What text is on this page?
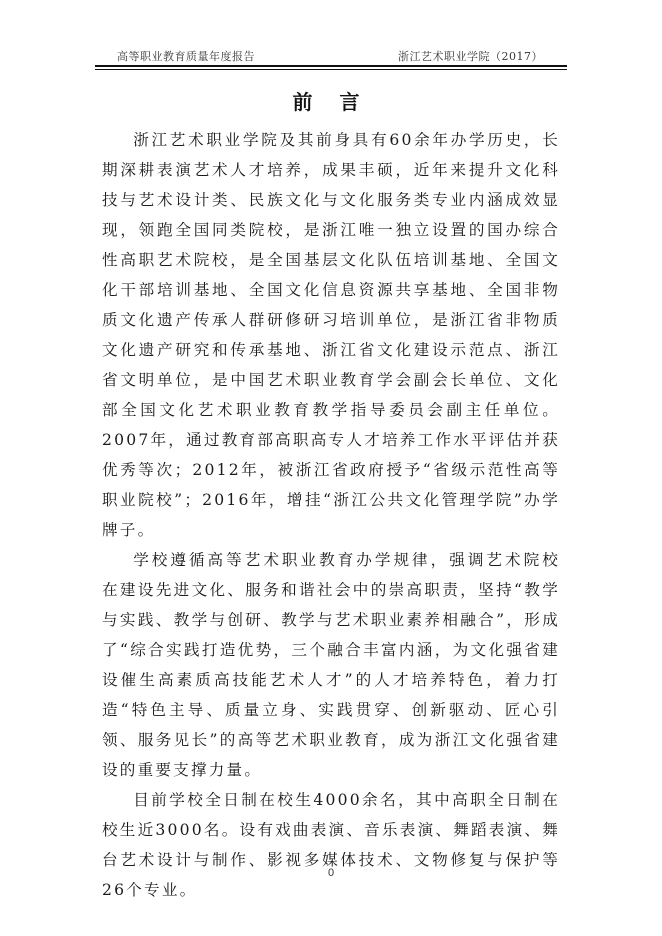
高等职业教育质量年度报告	浙江艺术职业学院（2017）
前 言

浙江艺术职业学院及其前身具有60余年办学历史，长期深耕表演艺术人才培养，成果丰硕，近年来提升文化科技与艺术设计类、民族文化与文化服务类专业内涵成效显现，领跑全国同类院校，是浙江唯一独立设置的国办综合性高职艺术院校，是全国基层文化队伍培训基地、全国文化干部培训基地、全国文化信息资源共享基地、全国非物质文化遗产传承人群研修研习培训单位，是浙江省非物质文化遗产研究和传承基地、浙江省文化建设示范点、浙江省文明单位，是中国艺术职业教育学会副会长单位、文化部全国文化艺术职业教育教学指导委员会副主任单位。2007年，通过教育部高职高专人才培养工作水平评估并获优秀等次；2012年，被浙江省政府授予“省级示范性高等职业院校”；2016年，增挂“浙江公共文化管理学院”办学牌子。

学校遵循高等艺术职业教育办学规律，强调艺术院校在建设先进文化、服务和谐社会中的崇高职责，坚持“教学与实践、教学与创研、教学与艺术职业素养相融合”，形成了“综合实践打造优势，三个融合丰富内涵，为文化强省建设催生高素质高技能艺术人才”的人才培养特色，着力打造“特色主导、质量立身、实践贯穿、创新驱动、匠心引领、服务见长”的高等艺术职业教育，成为浙江文化强省建设的重要支撑力量。

目前学校全日制在校生4000余名，其中高职全日制在校生近3000名。设有戏曲表演、音乐表演、舞蹈表演、舞台艺术设计与制作、影视多媒体技术、文物修复与保护等26个专业。

0
